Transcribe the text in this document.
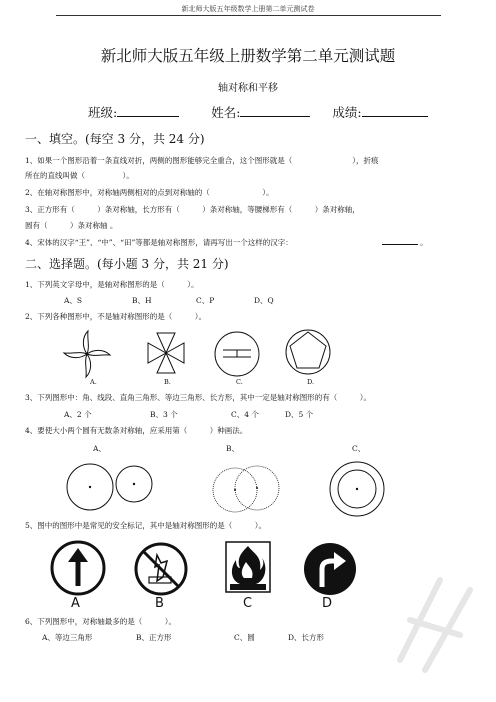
新北师大版五年级数学上册第二单元测试卷
新北师大版五年级上册数学第二单元测试题
轴对称和平移
班级:	姓名:	成绩:
一、填空。(每空 3 分，共 24 分)
1、如果一个图形沿着一条直线对折，两侧的图形能够完全重合，这个图形就是（　　　　　　　　），折痕
所在的直线叫做（　　　　　）。
2、在轴对称图形中，对称轴两侧相对的点到对称轴的（　　　　　　　）。
3、正方形有（　　　）条对称轴，长方形有（　　　）条对称轴，等腰梯形有（　　　）条对称轴，
圆有（　　　）条对称轴 。
4、宋体的汉字“王”、“中”、“田”等都是轴对称图形，请再写出一个这样的汉字：	。
二、选择题。(每小题 3 分，共 21 分)
1、下列英文字母中，是轴对称图形的是（　　　）。
A、S	B、H	C、P	D、Q
2、下列各种图形中，不是轴对称图形的是（　　　）。
A.	B.	C.	D.
3、下列图形中：角、线段、直角三角形、等边三角形、长方形，其中一定是轴对称图形的有（　　　）。
A、2 个	B、3 个	C、4 个	D、5 个
4、要使大小两个圆有无数条对称轴，应采用第（　　　）种画法。
A、	B、	C、
5、图中的图形中是常见的安全标记，其中是轴对称图形的是（　　　）。
A	B	C	D
6、下列图形中，对称轴最多的是（　　　）。
A、等边三角形	B、正方形	C、圆	D、长方形
